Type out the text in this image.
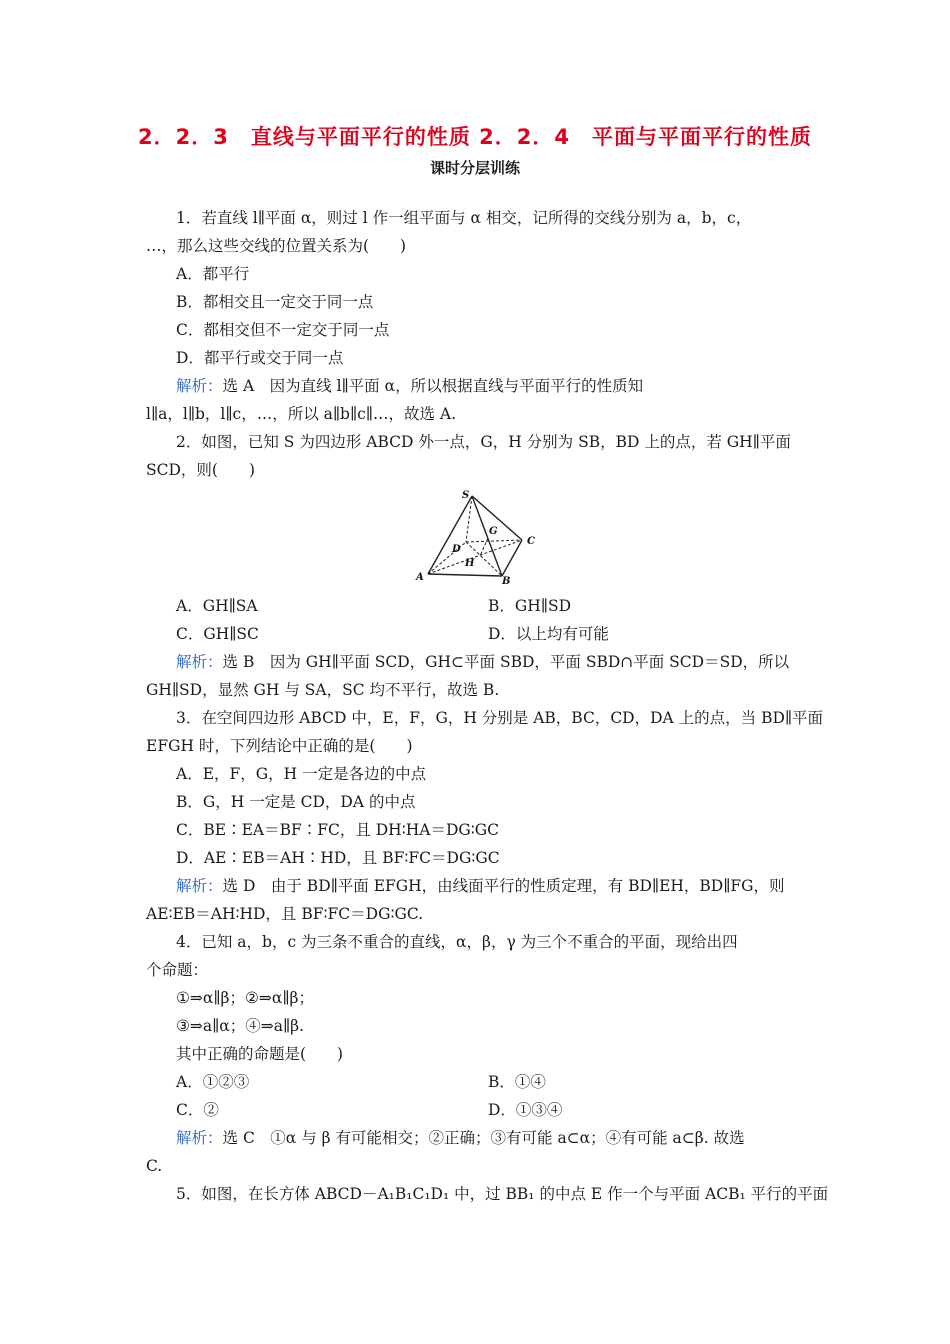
2．2．3　直线与平面平行的性质 2．2．4　平面与平面平行的性质
课时分层训练
1．若直线 l∥平面 α，则过 l 作一组平面与 α 相交，记所得的交线分别为 a，b，c，
…，那么这些交线的位置关系为(　　)
A．都平行
B．都相交且一定交于同一点
C．都相交但不一定交于同一点
D．都平行或交于同一点
解析：选 A　因为直线 l∥平面 α，所以根据直线与平面平行的性质知
l∥a，l∥b，l∥c，…，所以 a∥b∥c∥…，故选 A.
2．如图，已知 S 为四边形 ABCD 外一点，G，H 分别为 SB，BD 上的点，若 GH∥平面
SCD，则(　　)
S
G
C
D
H
A	B
A．GH∥SA	B．GH∥SD
C．GH∥SC	D．以上均有可能
解析：选 B　因为 GH∥平面 SCD，GH⊂平面 SBD，平面 SBD∩平面 SCD＝SD，所以
GH∥SD，显然 GH 与 SA，SC 均不平行，故选 B.
3．在空间四边形 ABCD 中，E，F，G，H 分别是 AB，BC，CD，DA 上的点，当 BD∥平面
EFGH 时，下列结论中正确的是(　　)
A．E，F，G，H 一定是各边的中点
B．G，H 一定是 CD，DA 的中点
C．BE∶EA＝BF∶FC，且 DH∶HA＝DG∶GC
D．AE∶EB＝AH∶HD，且 BF∶FC＝DG∶GC
解析：选 D　由于 BD∥平面 EFGH，由线面平行的性质定理，有 BD∥EH，BD∥FG，则
AE∶EB＝AH∶HD，且 BF∶FC＝DG∶GC.
4．已知 a，b，c 为三条不重合的直线，α，β，γ 为三个不重合的平面，现给出四
个命题：
①⇒α∥β；②⇒α∥β；
③⇒a∥α；④⇒a∥β.
其中正确的命题是(　　)
A．①②③	B．①④
C．②	D．①③④
解析：选 C　①α 与 β 有可能相交；②正确；③有可能 a⊂α；④有可能 a⊂β. 故选
C.
5．如图，在长方体 ABCD－A₁B₁C₁D₁ 中，过 BB₁ 的中点 E 作一个与平面 ACB₁ 平行的平面
